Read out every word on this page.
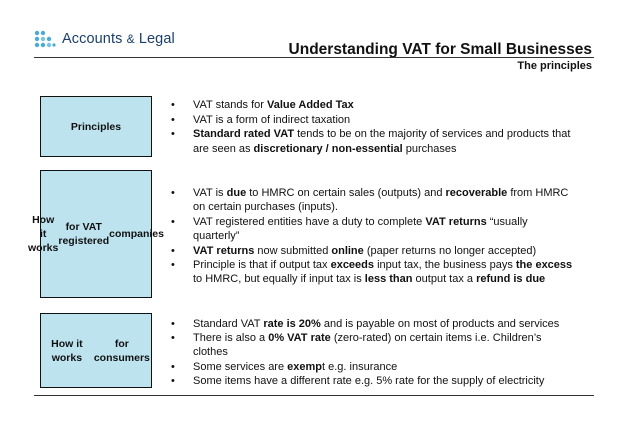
Accounts & Legal
Understanding VAT for Small Businesses
The principles
Principles
How it works

for VAT registered

companies
How it works

for consumers
• VAT stands for Value Added Tax
• VAT is a form of indirect taxation
• Standard rated VAT tends to be on the majority of services and products that
are seen as discretionary / non-essential purchases
• VAT is due to HMRC on certain sales (outputs) and recoverable from HMRC
on certain purchases (inputs).
• VAT registered entities have a duty to complete VAT returns “usually
quarterly”
• VAT returns now submitted online (paper returns no longer accepted)
• Principle is that if output tax exceeds input tax, the business pays the excess
to HMRC, but equally if input tax is less than output tax a refund is due
• Standard VAT rate is 20% and is payable on most of products and services
• There is also a 0% VAT rate (zero-rated) on certain items i.e. Children’s
clothes
• Some services are exempt e.g. insurance
• Some items have a different rate e.g. 5% rate for the supply of electricity
